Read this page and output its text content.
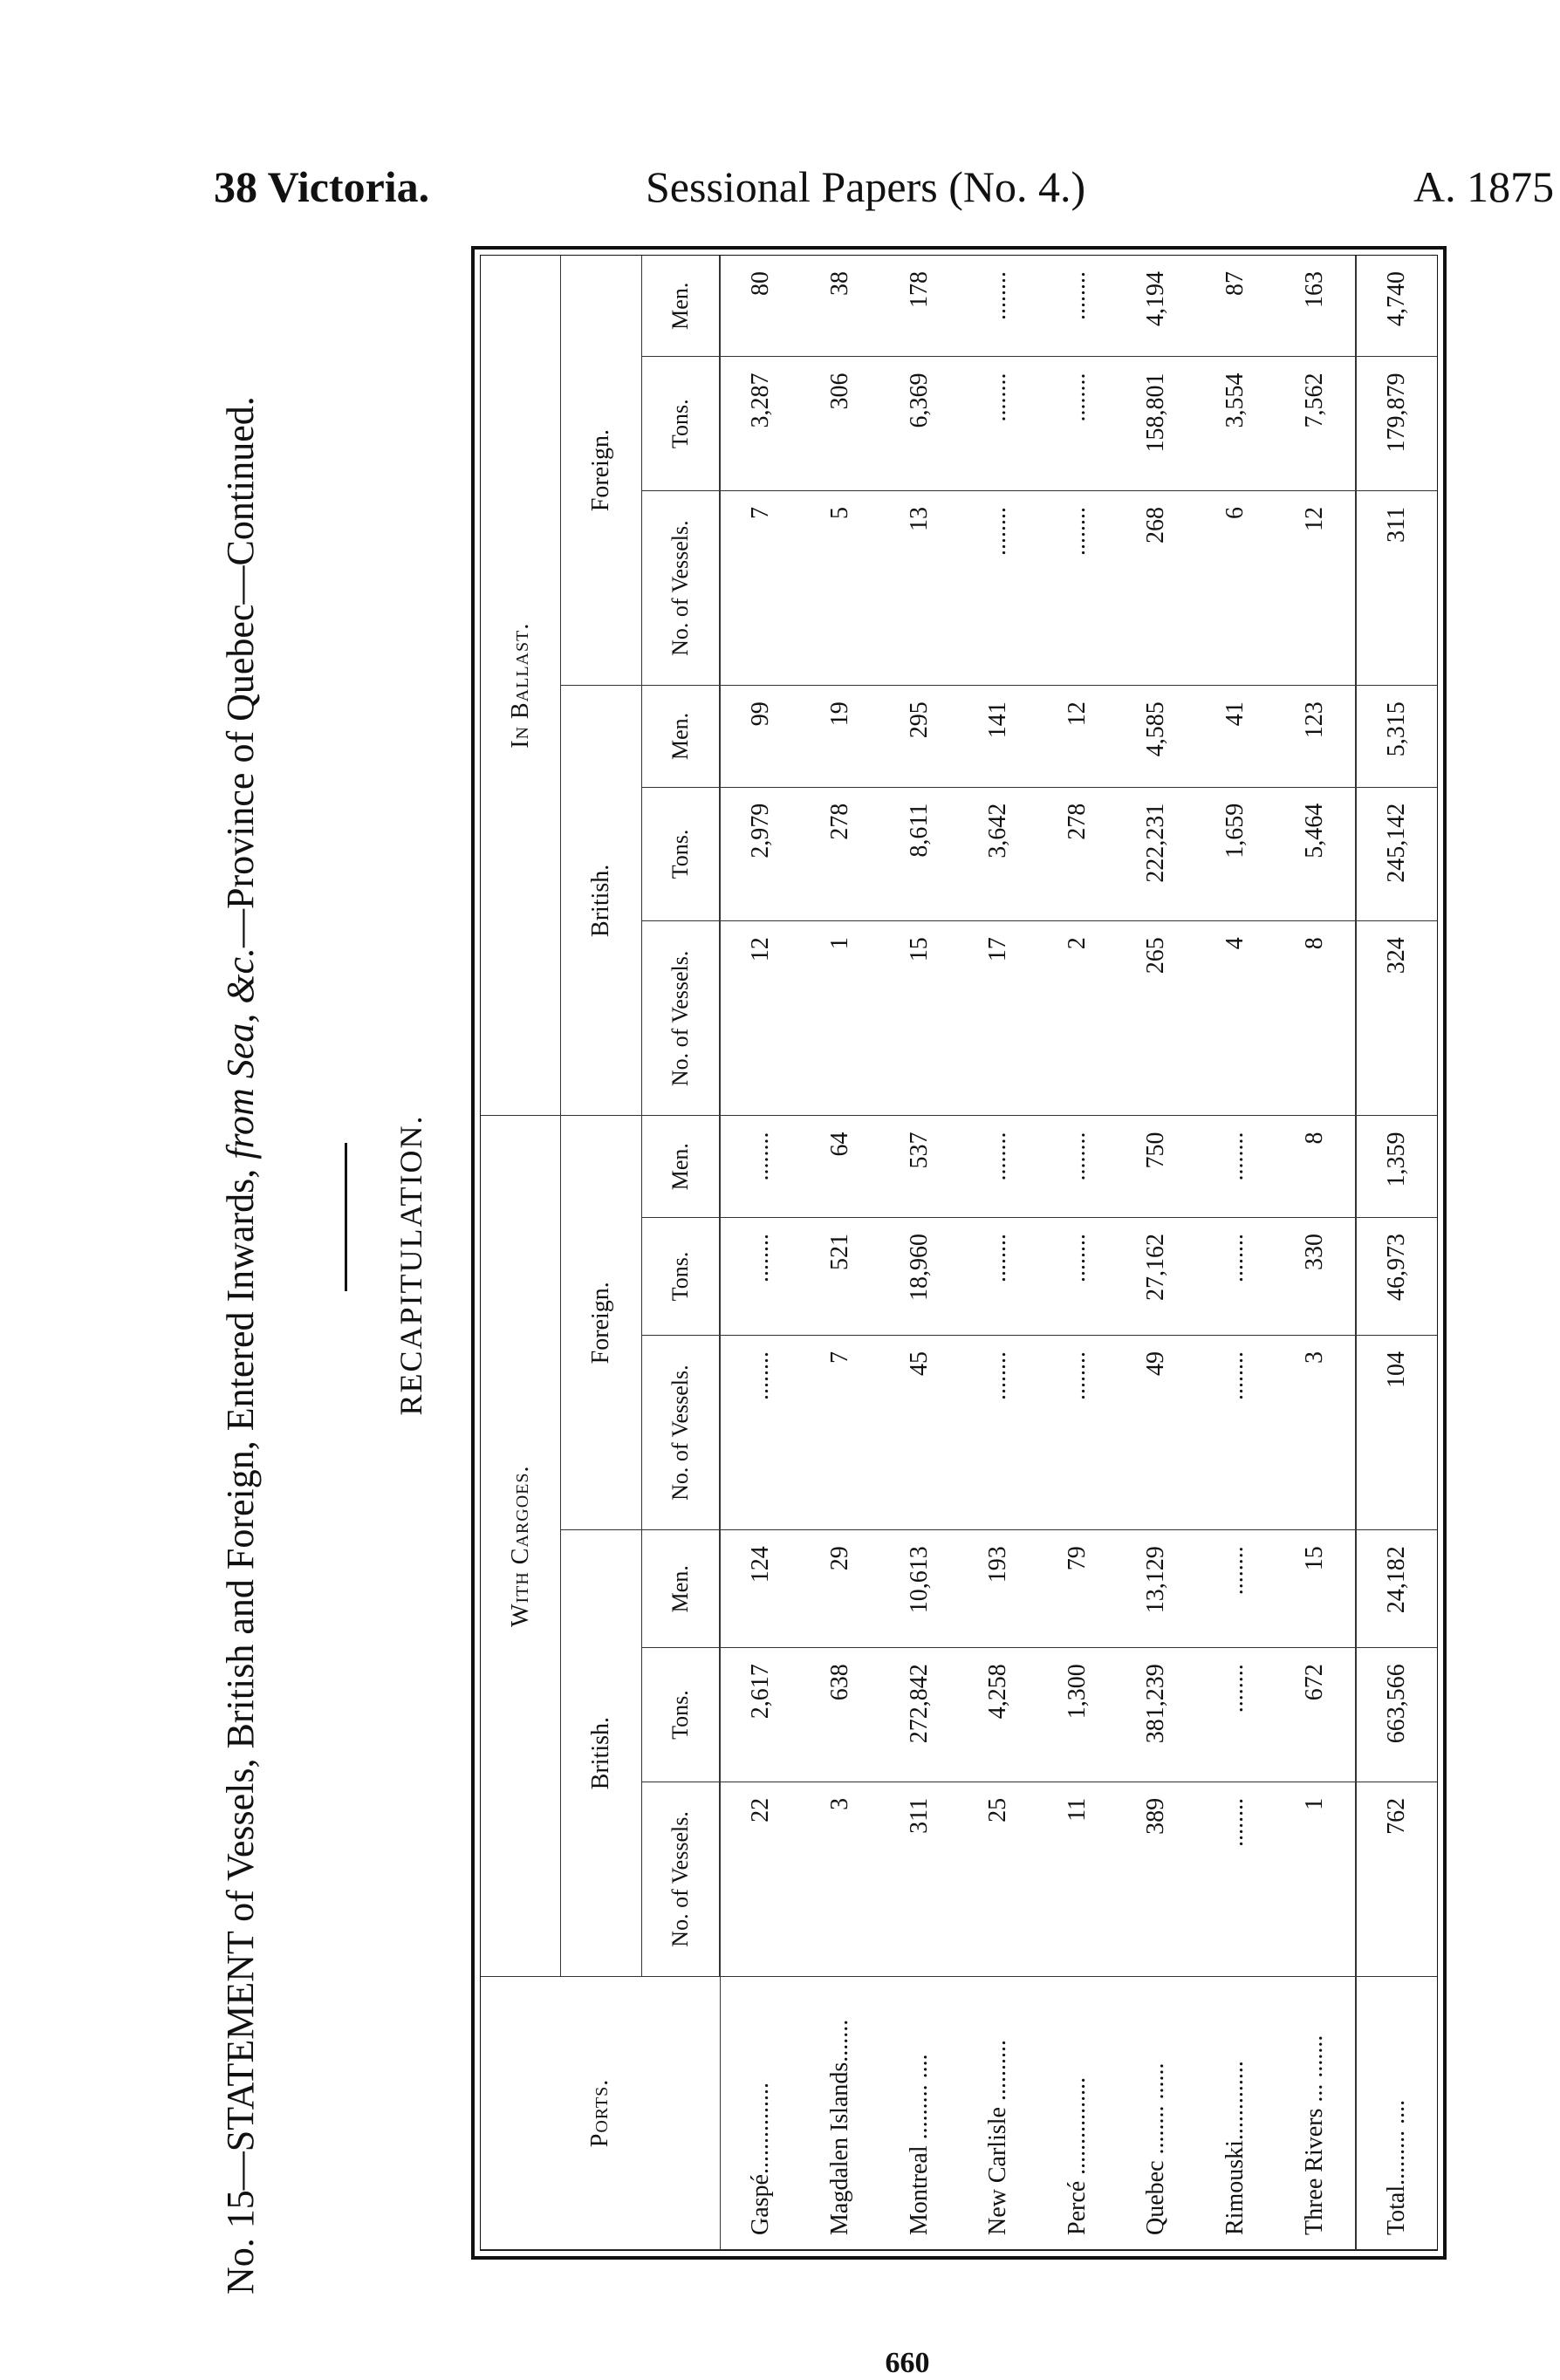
38 Victoria.	Sessional Papers (No. 4.)	A. 1875
No. 15—STATEMENT of Vessels, British and Foreign, Entered Inwards, from Sea, &c.—Province of Quebec—Continued.
RECAPITULATION.
Ports.	With Cargoes.						In Ballast.					
	British.			Foreign.			British.			Foreign.		
	No. of Vessels.	Tons.	Men.	No. of Vessels.	Tons.	Men.	No. of Vessels.	Tons.	Men.	No. of Vessels.	Tons.	Men.
Gaspé...............	22	2,617	124	........	........	........	12	2,979	99	7	3,287	80
Magdalen Islands.......	3	638	29	7	521	64	1	278	19	5	306	38
Montreal ......... ....	311	272,842	10,613	45	18,960	537	15	8,611	295	13	6,369	178
New Carlisle ..........	25	4,258	193	........	........	........	17	3,642	141	........	........	........
Percé ................	11	1,300	79	........	........	........	2	278	12	........	........	........
Quebec ........ ......	389	381,239	13,129	49	27,162	750	265	222,231	4,585	268	158,801	4,194
Rimouski.............	........	........	........	........	........	........	4	1,659	41	6	3,554	87
Three Rivers ... .......	1	672	15	3	330	8	8	5,464	123	12	7,562	163
Total......... ....	762	663,566	24,182	104	46,973	1,359	324	245,142	5,315	311	179,879	4,740
660
